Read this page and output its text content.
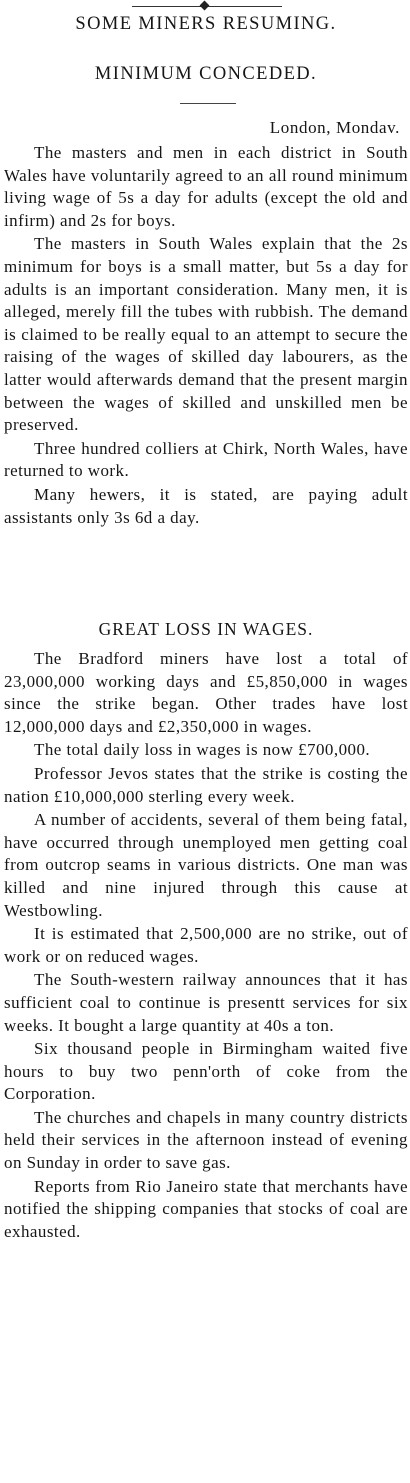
SOME MINERS RESUMING.
MINIMUM CONCEDED.
London, Mondav.

The masters and men in each district in South Wales have voluntarily agreed to an all round minimum living wage of 5s a day for adults (except the old and infirm) and 2s for boys.

The masters in South Wales explain that the 2s minimum for boys is a small matter, but 5s a day for adults is an important consideration. Many men, it is alleged, merely fill the tubes with rubbish. The demand is claimed to be really equal to an attempt to secure the raising of the wages of skilled day labourers, as the latter would afterwards demand that the present margin between the wages of skilled and unskilled men be preserved.

Three hundred colliers at Chirk, North Wales, have returned to work.

Many hewers, it is stated, are paying adult assistants only 3s 6d a day.

GREAT LOSS IN WAGES.

The Bradford miners have lost a total of 23,000,000 working days and £5,850,000 in wages since the strike began. Other trades have lost 12,000,000 days and £2,350,000 in wages.

The total daily loss in wages is now £700,000.

Professor Jevos states that the strike is costing the nation £10,000,000 sterling every week.

A number of accidents, several of them being fatal, have occurred through unemployed men getting coal from outcrop seams in various districts. One man was killed and nine injured through this cause at Westbowling.

It is estimated that 2,500,000 are no strike, out of work or on reduced wages.

The South-western railway announces that it has sufficient coal to continue is presentt services for six weeks. It bought a large quantity at 40s a ton.

Six thousand people in Birmingham waited five hours to buy two penn'orth of coke from the Corporation.

The churches and chapels in many country districts held their services in the afternoon instead of evening on Sunday in order to save gas.

Reports from Rio Janeiro state that merchants have notified the shipping companies that stocks of coal are exhausted.
